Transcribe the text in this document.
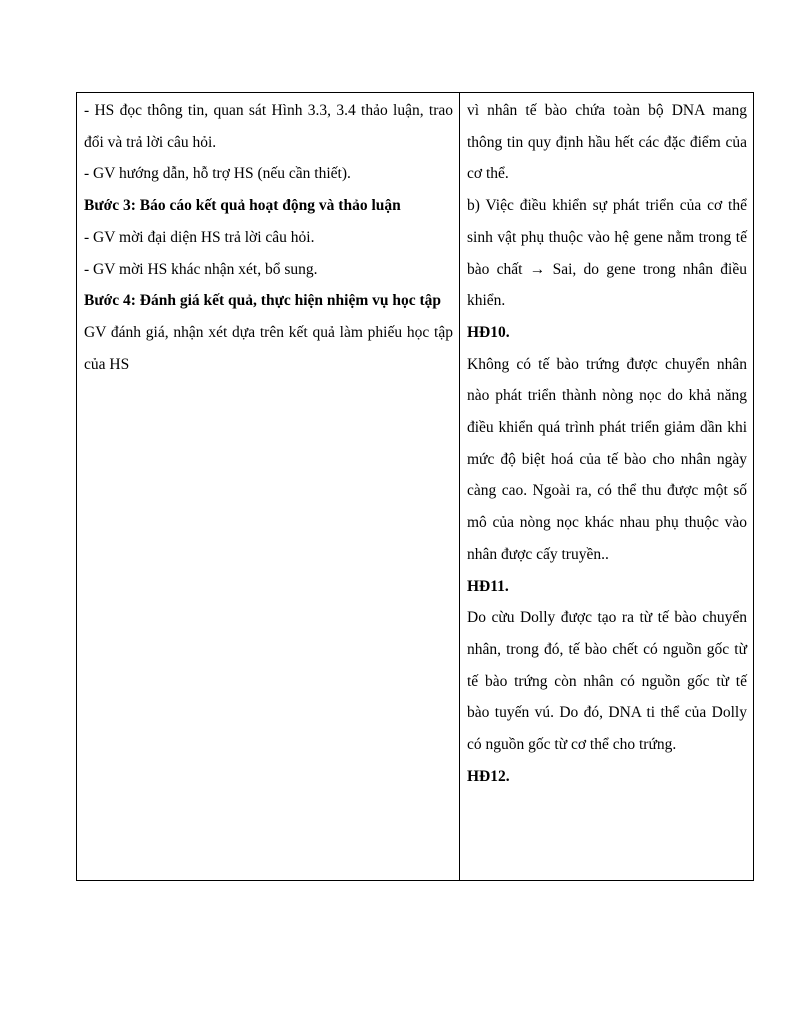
- HS đọc thông tin, quan sát Hình 3.3, 3.4 thảo luận, trao đổi và trả lời câu hỏi.

- GV hướng dẫn, hỗ trợ HS (nếu cần thiết).

Bước 3: Báo cáo kết quả hoạt động và thảo luận

- GV mời đại diện HS trả lời câu hỏi.

- GV mời HS khác nhận xét, bổ sung.

Bước 4: Đánh giá kết quả, thực hiện nhiệm vụ học tập

GV đánh giá, nhận xét dựa trên kết quả làm phiếu học tập của HS

vì nhân tế bào chứa toàn bộ DNA mang thông tin quy định hầu hết các đặc điểm của cơ thể.

b) Việc điều khiển sự phát triển của cơ thể sinh vật phụ thuộc vào hệ gene nằm trong tế bào chất → Sai, do gene trong nhân điều khiển.

HĐ10.

Không có tế bào trứng được chuyển nhân nào phát triển thành nòng nọc do khả năng điều khiển quá trình phát triển giảm dần khi mức độ biệt hoá của tế bào cho nhân ngày càng cao. Ngoài ra, có thể thu được một số mô của nòng nọc khác nhau phụ thuộc vào nhân được cấy truyền..

HĐ11.

Do cừu Dolly được tạo ra từ tế bào chuyển nhân, trong đó, tế bào chết có nguồn gốc từ tế bào trứng còn nhân có nguồn gốc từ tế bào tuyến vú. Do đó, DNA ti thể của Dolly có nguồn gốc từ cơ thể cho trứng.

HĐ12.
